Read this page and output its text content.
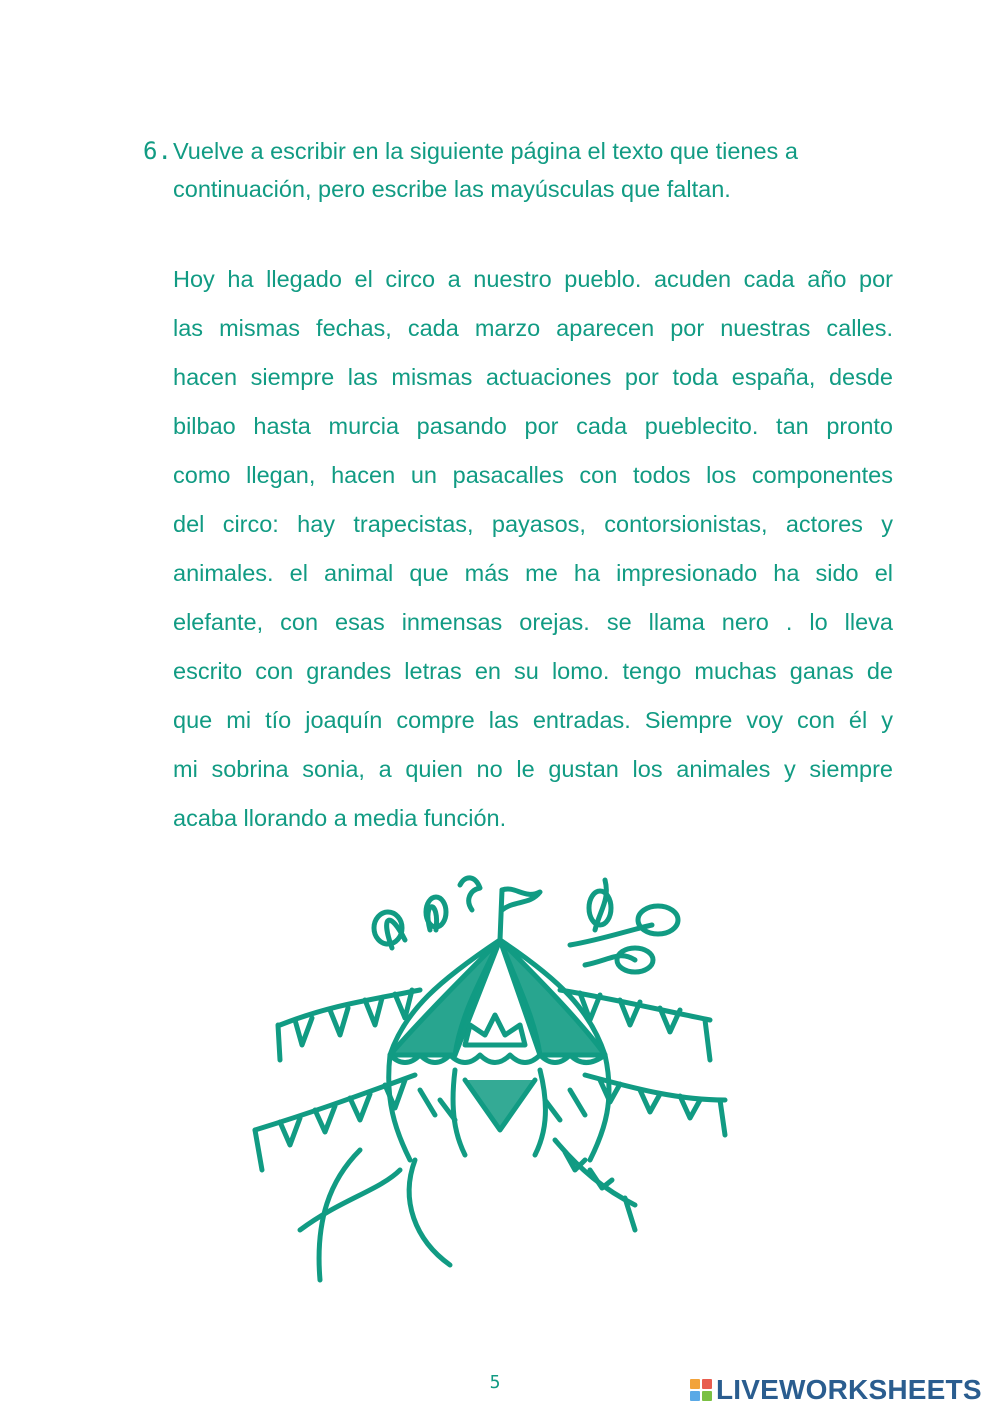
6. Vuelve a escribir en la siguiente página el texto que tienes a
continuación, pero escribe las mayúsculas que faltan.
Hoy ha llegado el circo a nuestro pueblo. acuden cada año por
las mismas fechas, cada marzo aparecen por nuestras calles.
hacen siempre las mismas actuaciones por toda españa, desde
bilbao hasta murcia pasando por cada pueblecito. tan pronto
como llegan, hacen un pasacalles con todos los componentes
del circo: hay trapecistas, payasos, contorsionistas, actores y
animales. el animal que más me ha impresionado ha sido el
elefante, con esas inmensas orejas. se llama nero . lo lleva
escrito con grandes letras en su lomo. tengo muchas ganas de
que mi tío joaquín compre las entradas. Siempre voy con él y
mi sobrina sonia, a quien no le gustan los animales y siempre
acaba llorando a media función.
5	LIVEWORKSHEETS
